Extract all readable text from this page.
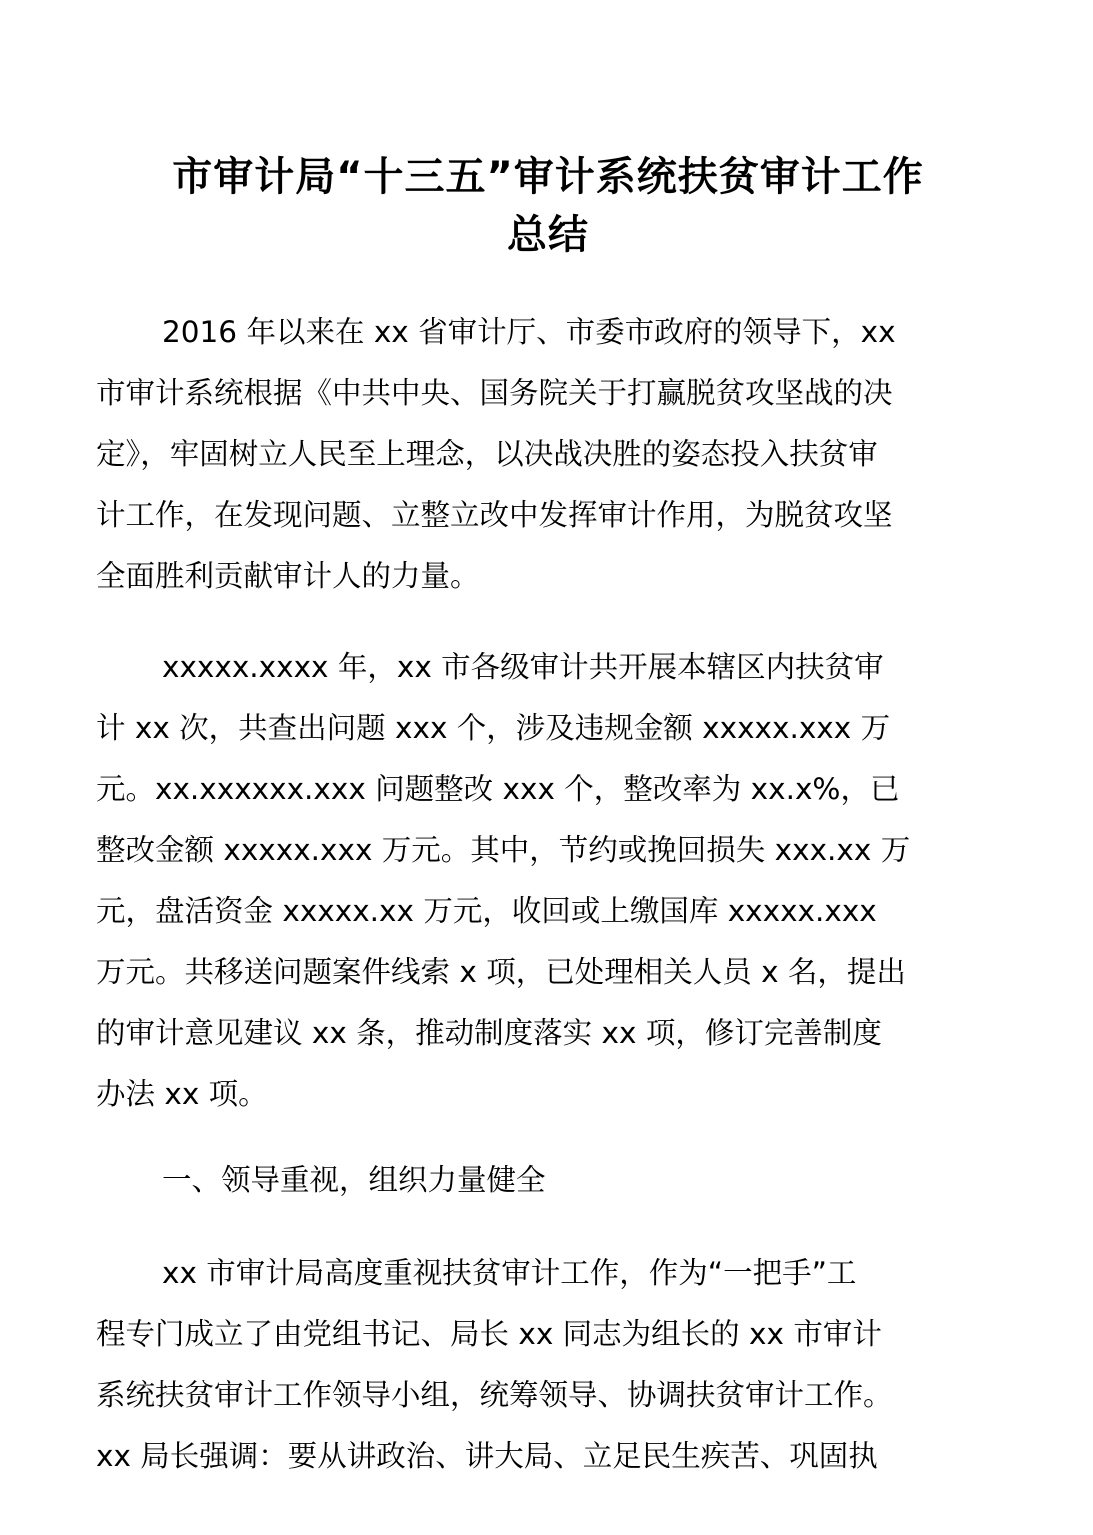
市审计局“十三五”审计系统扶贫审计工作
总结
2016 年以来在 xx 省审计厅、市委市政府的领导下，xx
市审计系统根据《中共中央、国务院关于打赢脱贫攻坚战的决
定》，牢固树立人民至上理念，以决战决胜的姿态投入扶贫审
计工作，在发现问题、立整立改中发挥审计作用，为脱贫攻坚
全面胜利贡献审计人的力量。
xxxxx.xxxx 年，xx 市各级审计共开展本辖区内扶贫审
计 xx 次，共查出问题 xxx 个，涉及违规金额 xxxxx.xxx 万
元。xx.xxxxxx.xxx 问题整改 xxx 个，整改率为 xx.x%，已
整改金额 xxxxx.xxx 万元。其中，节约或挽回损失 xxx.xx 万
元，盘活资金 xxxxx.xx 万元，收回或上缴国库 xxxxx.xxx
万元。共移送问题案件线索 x 项，已处理相关人员 x 名，提出
的审计意见建议 xx 条，推动制度落实 xx 项，修订完善制度
办法 xx 项。
一、领导重视，组织力量健全
xx 市审计局高度重视扶贫审计工作，作为“一把手”工
程专门成立了由党组书记、局长 xx 同志为组长的 xx 市审计
系统扶贫审计工作领导小组，统筹领导、协调扶贫审计工作。
xx 局长强调：要从讲政治、讲大局、立足民生疾苦、巩固执
